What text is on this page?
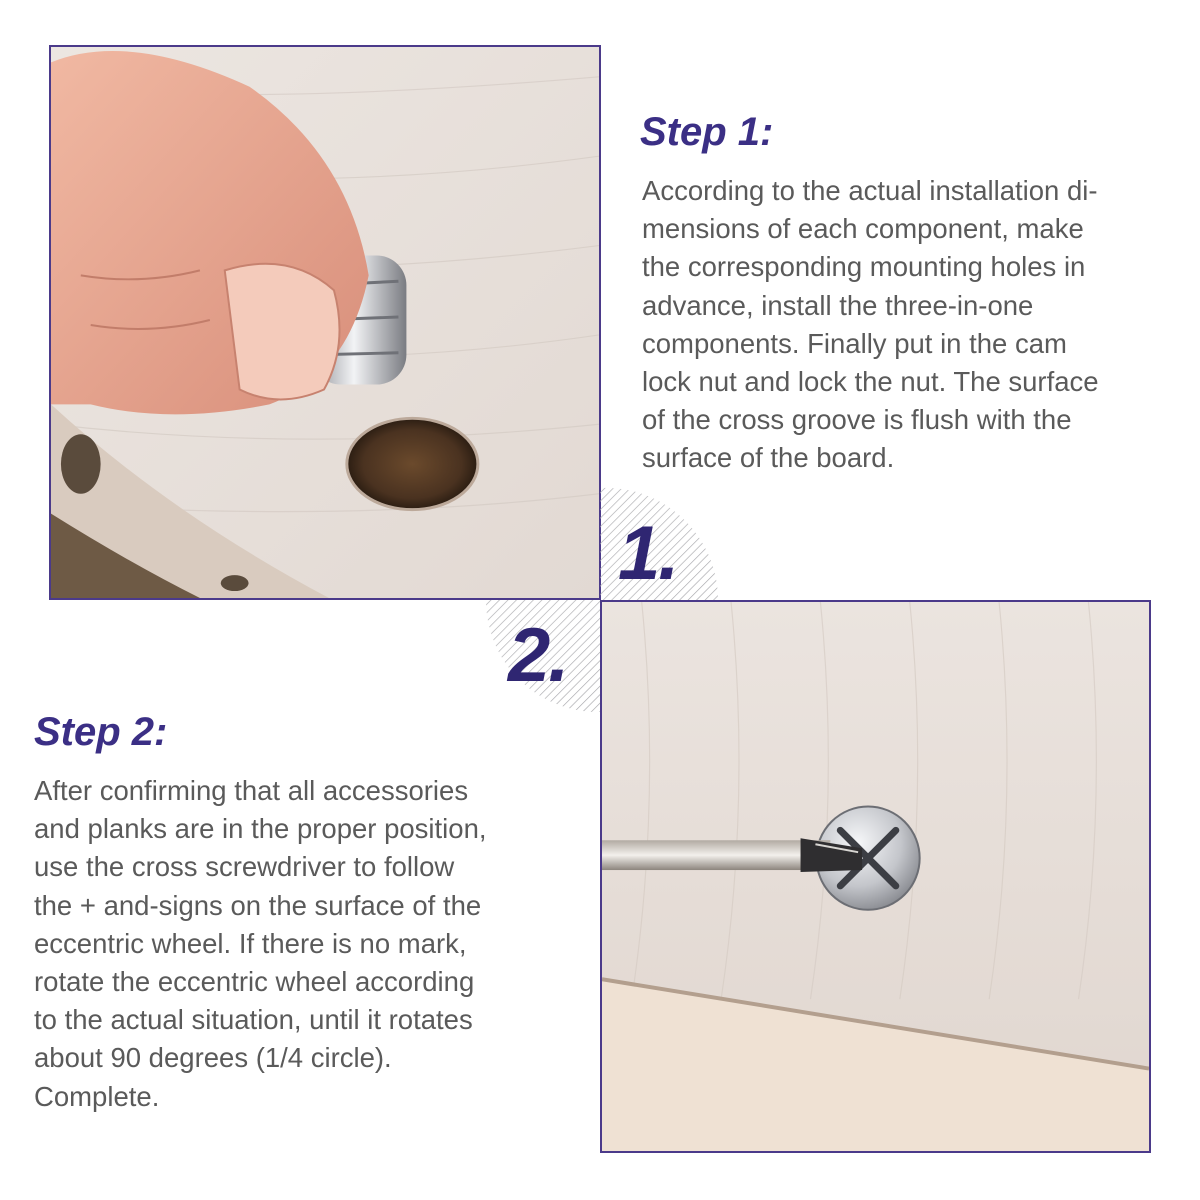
1.
2.
Step 1:

According to the actual installation di-
mensions of each component, make
the corresponding mounting holes in
advance, install the three-in-one
components. Finally put in the cam
lock nut and lock the nut. The surface
of the cross groove is flush with the
surface of the board.

Step 2:

After confirming that all accessories
and planks are in the proper position,
use the cross screwdriver to follow
the + and-signs on the surface of the
eccentric wheel. If there is no mark,
rotate the eccentric wheel according
to the actual situation, until it rotates
about 90 degrees (1/4 circle).
Complete.
